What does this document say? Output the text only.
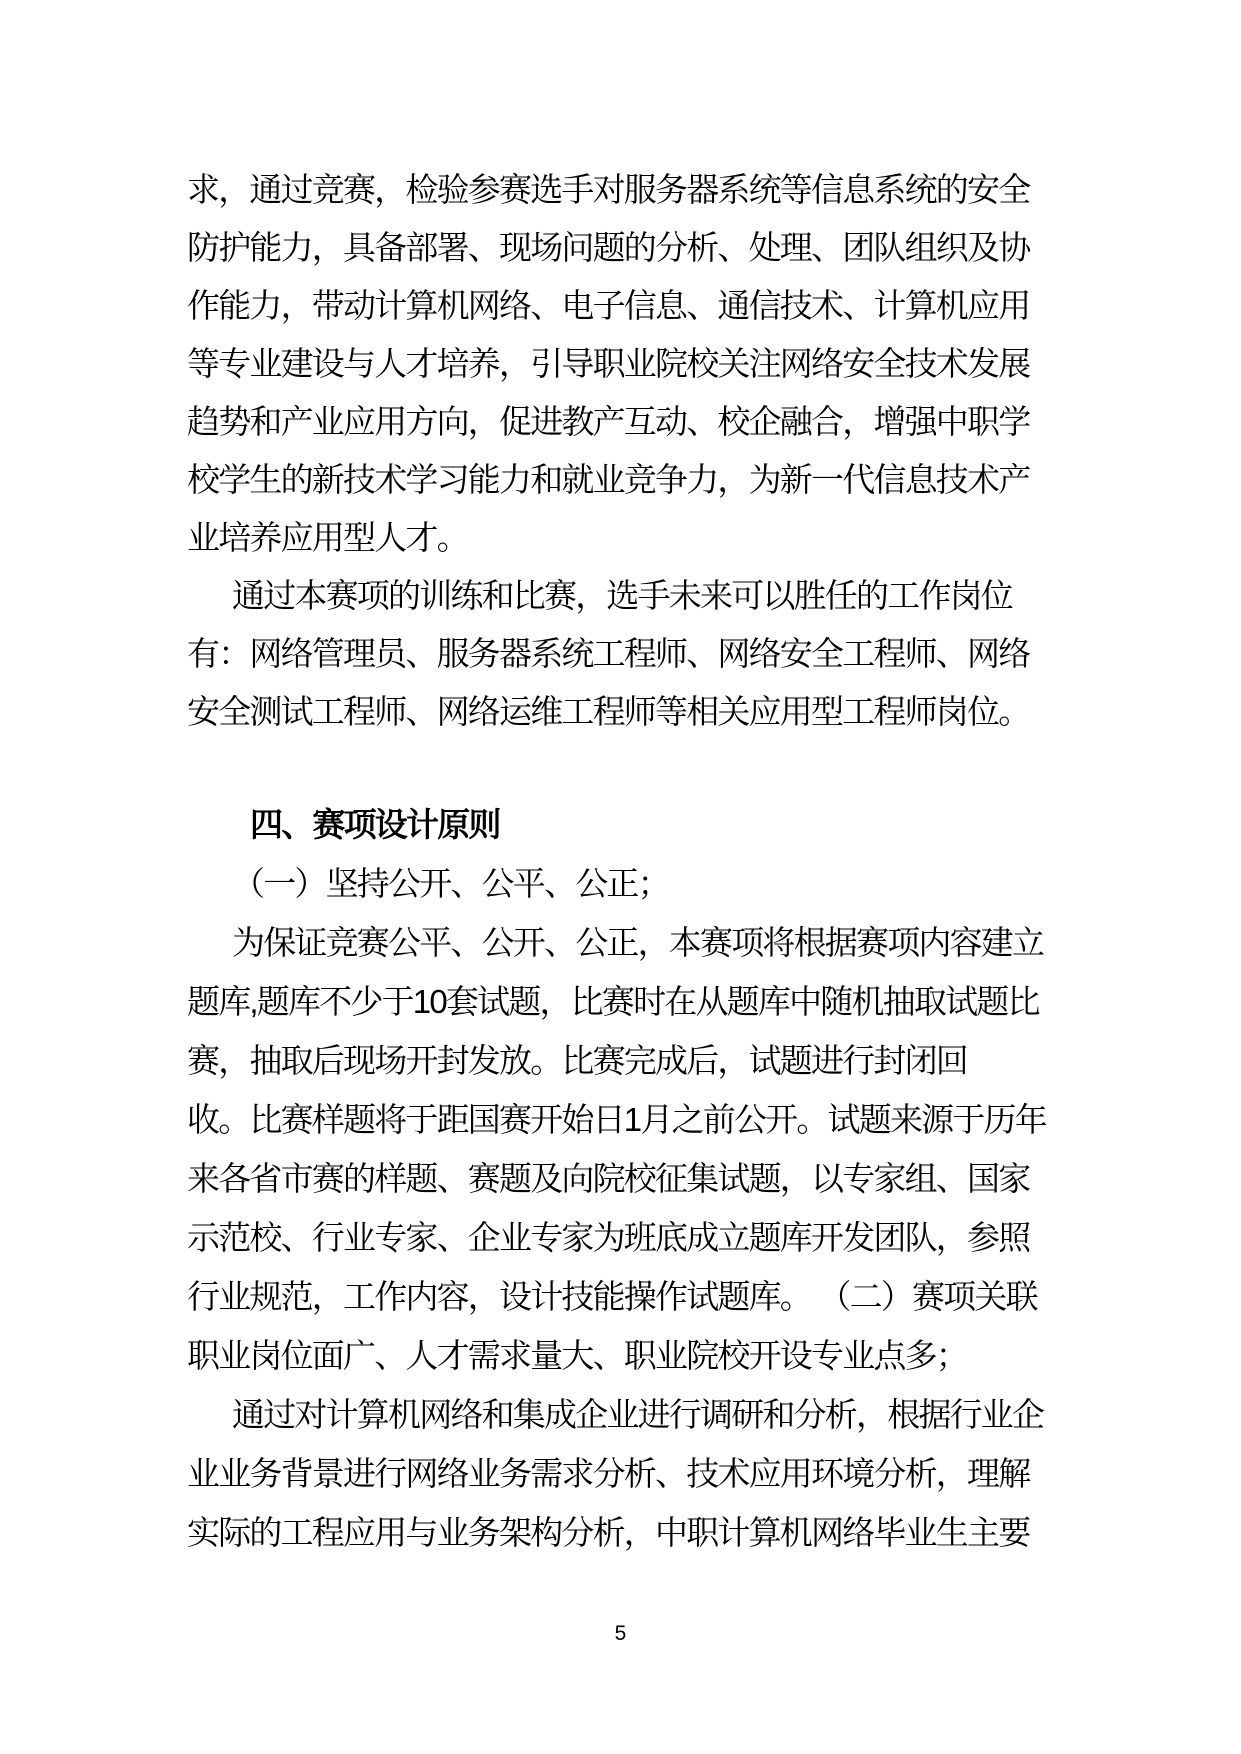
求，通过竞赛，检验参赛选手对服务器系统等信息系统的安全
防护能力，具备部署、现场问题的分析、处理、团队组织及协
作能力，带动计算机网络、电子信息、通信技术、计算机应用
等专业建设与人才培养，引导职业院校关注网络安全技术发展
趋势和产业应用方向，促进教产互动、校企融合，增强中职学
校学生的新技术学习能力和就业竞争力，为新一代信息技术产
业培养应用型人才。
通过本赛项的训练和比赛，选手未来可以胜任的工作岗位
有：网络管理员、服务器系统工程师、网络安全工程师、网络
安全测试工程师、网络运维工程师等相关应用型工程师岗位。
四、赛项设计原则
（一）坚持公开、公平、公正；
为保证竞赛公平、公开、公正，本赛项将根据赛项内容建立
题库,题库不少于10套试题，比赛时在从题库中随机抽取试题比
赛，抽取后现场开封发放。比赛完成后，试题进行封闭回
收。比赛样题将于距国赛开始日1月之前公开。试题来源于历年
来各省市赛的样题、赛题及向院校征集试题，以专家组、国家
示范校、行业专家、企业专家为班底成立题库开发团队，参照
行业规范，工作内容，设计技能操作试题库。 （二）赛项关联
职业岗位面广、人才需求量大、职业院校开设专业点多；
通过对计算机网络和集成企业进行调研和分析，根据行业企
业业务背景进行网络业务需求分析、技术应用环境分析，理解
实际的工程应用与业务架构分析，中职计算机网络毕业生主要
5
